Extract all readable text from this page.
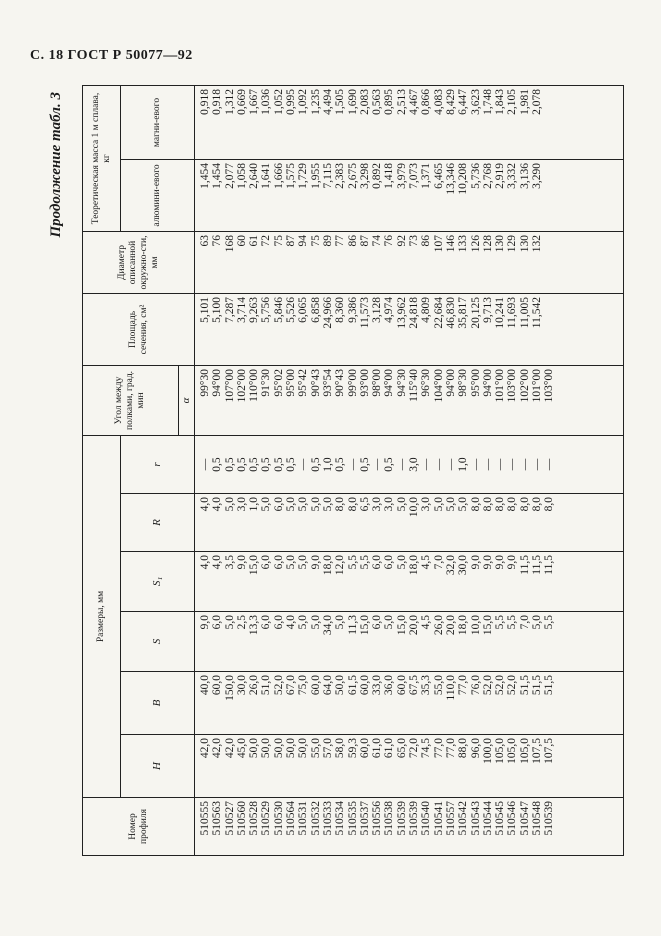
С. 18 ГОСТ Р 50077—92
Продолжение табл. 3
Номер профиля	Размеры, мм						Угол между полками, град. мин	Площадь сечения, см²	Диаметр описанной окружно-сти, мм	Теоретическая масса 1 м сплава, кг	
	H	B	S	S₁	R	r				алюмини-евого	магни-евого
							α				
510555	42,0	40,0	9,0	4,0	4,0	—	99°30	5,101	63	1,454	0,918
510563	42,0	60,0	6,0	4,0	4,0	0,5	94°00	5,100	76	1,454	0,918
510527	42,0	150,0	5,0	3,5	5,0	0,5	107°00	7,287	168	2,077	1,312
510560	45,0	30,0	2,5	9,0	3,0	0,5	102°00	3,714	60	1,058	0,669
510528	50,0	26,0	13,3	15,0	1,0	0,5	110°00	9,263	61	2,640	1,667
510529	50,0	51,0	6,0	6,0	5,0	0,5	91°30	5,756	72	1,641	1,036
510530	50,0	52,0	6,0	6,0	6,0	0,5	95°02	5,846	75	1,666	1,052
510564	50,0	67,0	4,0	5,0	5,0	0,5	95°00	5,526	87	1,575	0,995
510531	50,0	75,0	5,0	5,0	5,0	—	95°42	6,065	94	1,729	1,092
510532	55,0	60,0	5,0	9,0	5,0	0,5	90°43	6,858	75	1,955	1,235
510533	57,0	64,0	34,0	18,0	5,0	1,0	93°54	24,966	89	7,115	4,494
510534	58,0	50,0	5,0	12,0	8,0	0,5	90°43	8,360	77	2,383	1,505
510535	59,3	61,5	11,3	5,5	8,0	—	99°00	9,386	86	2,675	1,690
510537	60,0	60,0	15,0	5,5	6,5	0,5	93°00	11,573	87	3,298	2,083
510556	61,0	33,0	6,0	6,0	3,0	—	98°00	3,128	74	0,892	0,563
510538	61,0	36,0	5,0	6,0	3,0	0,5	94°00	4,974	76	1,418	0,895
510539	65,0	60,0	15,0	5,0	5,0	—	94°30	13,962	92	3,979	2,513
510539	72,0	67,5	20,0	18,0	10,0	3,0	115°40	24,818	73	7,073	4,467
510540	74,5	35,3	4,5	4,5	3,0	—	96°30	4,809	86	1,371	0,866
510541	77,0	55,0	26,0	7,0	5,0	—	104°00	22,684	107	6,465	4,083
510557	77,0	110,0	20,0	32,0	5,0	—	94°00	46,830	146	13,346	8,429
510542	88,0	77,0	18,0	30,0	5,0	1,0	98°30	35,817	133	10,208	6,447
510543	96,0	76,0	10,0	9,0	8,0	—	95°00	20,125	126	5,736	3,623
510544	100,0	52,0	15,0	9,0	8,0	—	94°00	9,713	128	2,768	1,748
510545	105,0	52,0	5,5	9,0	8,0	—	101°00	10,241	130	2,919	1,843
510546	105,0	52,0	5,5	9,0	8,0	—	103°00	11,693	129	3,332	2,105
510547	105,0	51,5	7,0	11,5	8,0	—	102°00	11,005	130	3,136	1,981
510548	107,5	51,5	5,0	11,5	8,0	—	101°00	11,542	132	3,290	2,078
510539	107,5	51,5	5,5	11,5	8,0	—	103°00				
